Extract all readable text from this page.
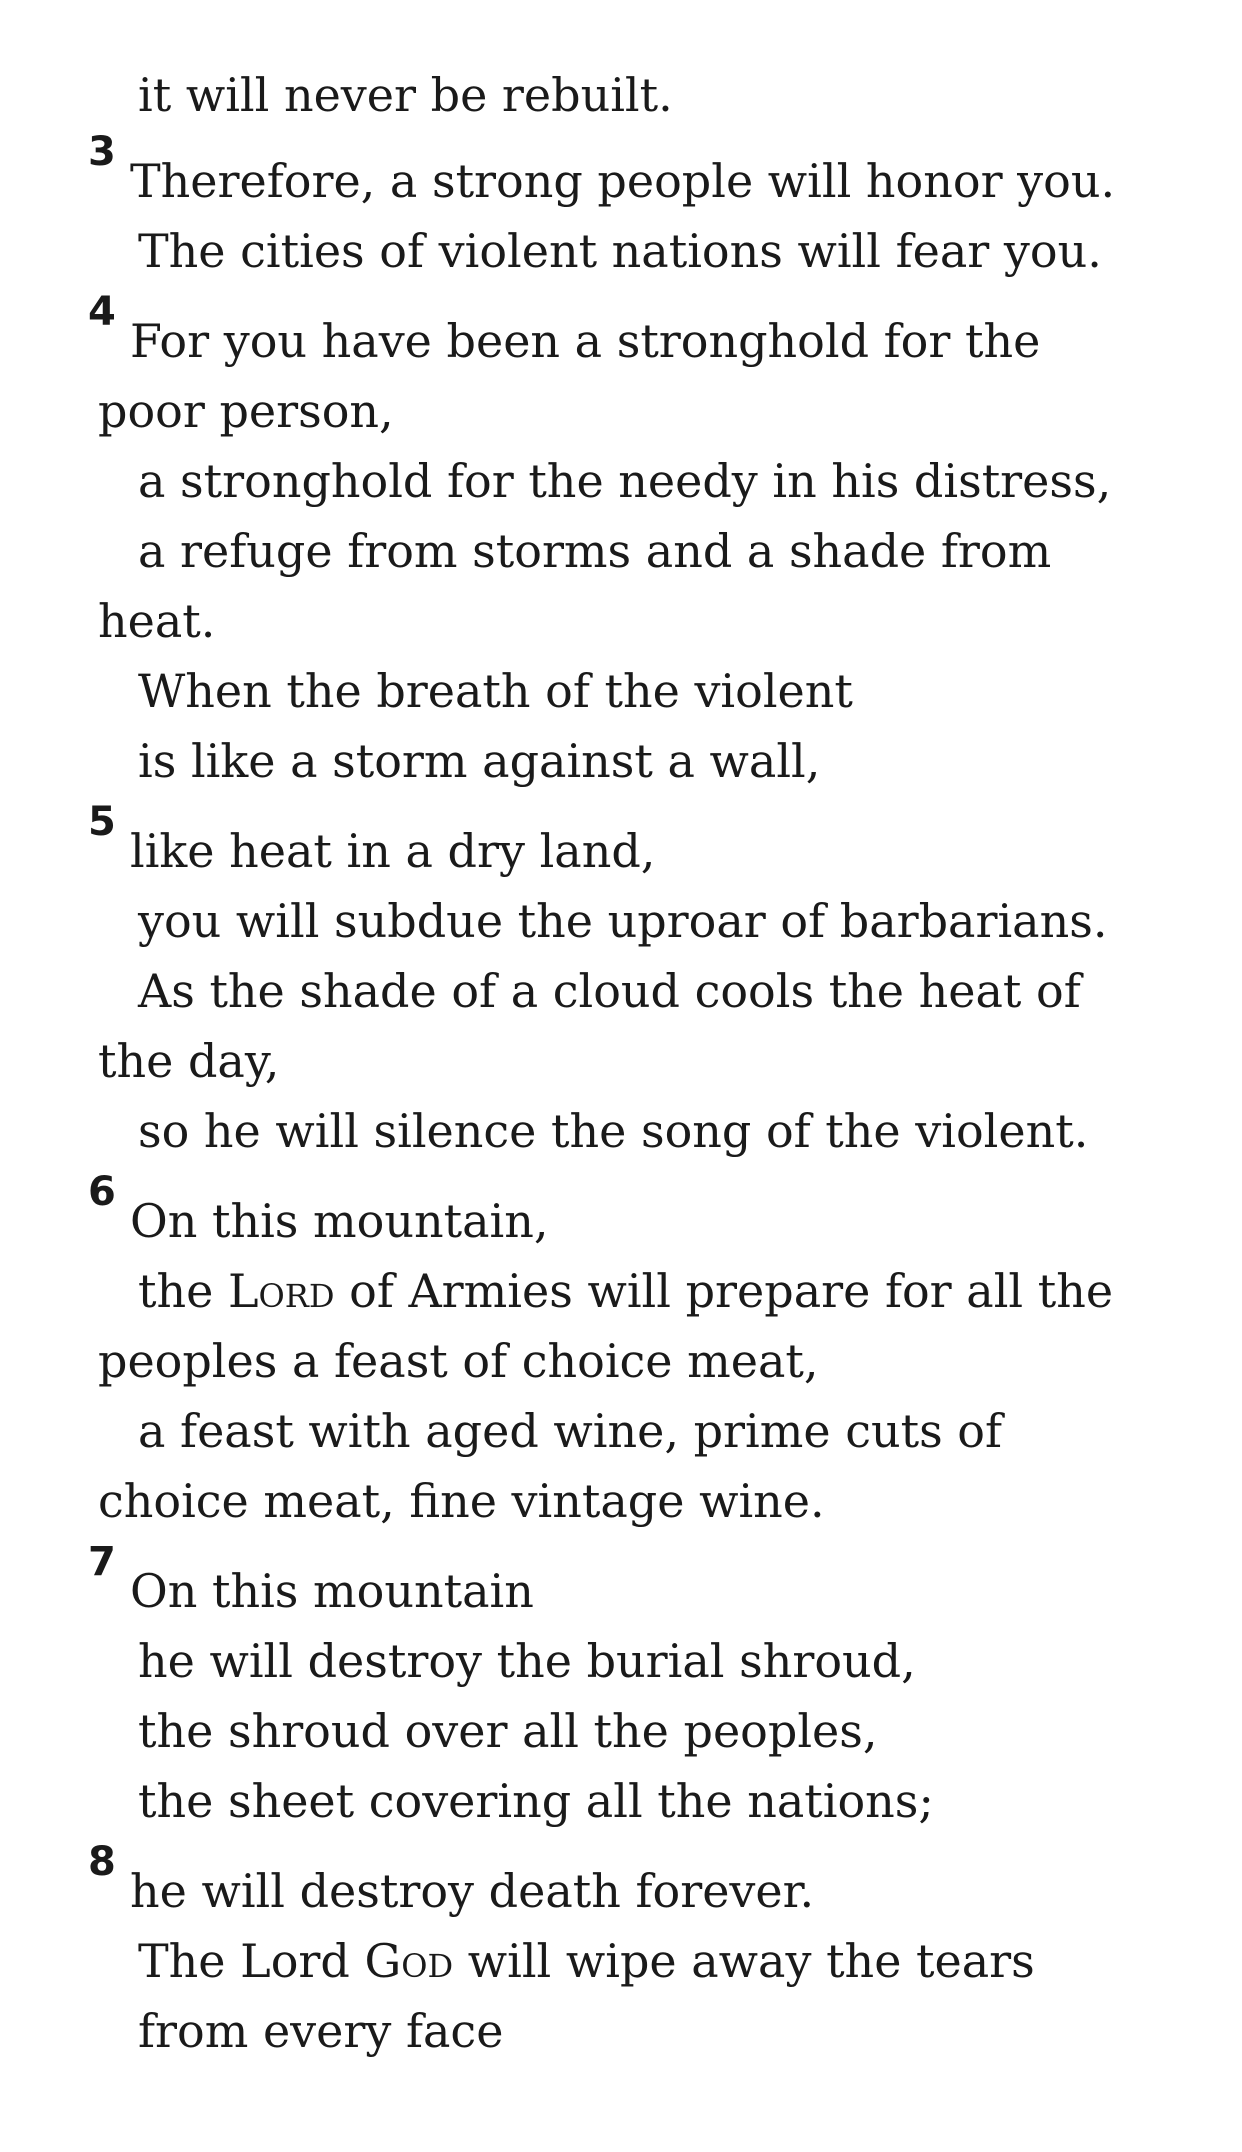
it will never be rebuilt.
3
Therefore, a strong people will honor you.
The cities of violent nations will fear you.
4
For you have been a stronghold for the
poor person,
a stronghold for the needy in his distress,
a refuge from storms and a shade from
heat.
When the breath of the violent
is like a storm against a wall,
5
like heat in a dry land,
you will subdue the uproar of barbarians.
As the shade of a cloud cools the heat of
the day,
so he will silence the song of the violent.
6
On this mountain,
the Lord of Armies will prepare for all the
peoples a feast of choice meat,
a feast with aged wine, prime cuts of
choice meat, fine vintage wine.
7
On this mountain
he will destroy the burial shroud,
the shroud over all the peoples,
the sheet covering all the nations;
8
he will destroy death forever.
The Lord God will wipe away the tears
from every face
